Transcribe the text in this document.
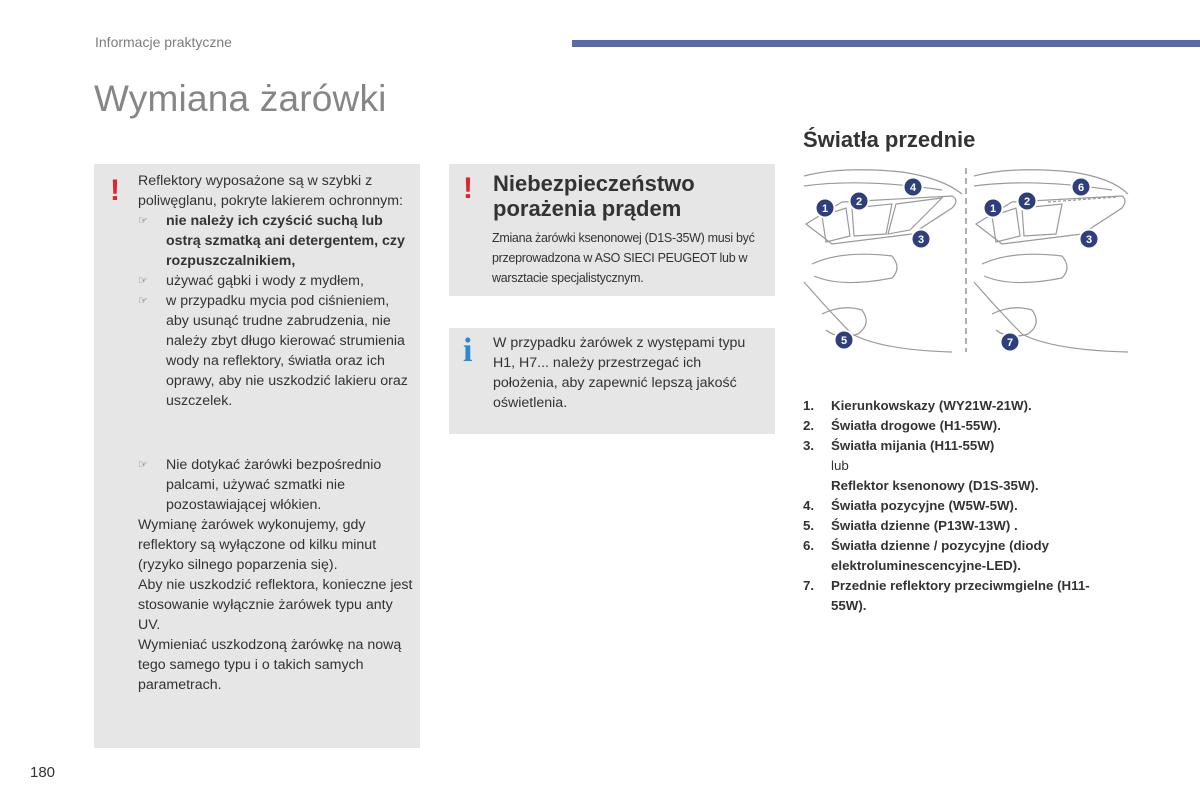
Informacje praktyczne
Wymiana żarówki
! Reflektory wyposażone są w szybki z poliwęglanu, pokryte lakierem ochronnym:

☞ nie należy ich czyścić suchą lub ostrą szmatką ani detergentem, czy rozpuszczalnikiem,
☞ używać gąbki i wody z mydłem,
☞ w przypadku mycia pod ciśnieniem, aby usunąć trudne zabrudzenia, nie należy zbyt długo kierować strumienia wody na reflektory, światła oraz ich oprawy, aby nie uszkodzić lakieru oraz uszczelek.
☞ Nie dotykać żarówki bezpośrednio palcami, używać szmatki nie pozostawiającej włókien.

Wymianę żarówek wykonujemy, gdy reflektory są wyłączone od kilku minut (ryzyko silnego poparzenia się).

Aby nie uszkodzić reflektora, konieczne jest stosowanie wyłącznie żarówek typu anty UV.

Wymieniać uszkodzoną żarówkę na nową tego samego typu i o takich samych parametrach.

! Niebezpieczeństwo
porażenia prądem
Zmiana żarówki ksenonowej (D1S-35W) musi być przeprowadzona w ASO SIECI PEUGEOT lub w warsztacie specjalistycznym.
i W przypadku żarówek z występami typu H1, H7... należy przestrzegać ich położenia, aby zapewnić lepszą jakość oświetlenia.
Światła przednie
1
2
4
3
5
1
2
6
3
7
1.	Kierunkowskazy (WY21W-21W).
2.	Światła drogowe (H1-55W).
3.	Światła mijania (H11-55W)
lub
Reflektor ksenonowy (D1S-35W).
4.	Światła pozycyjne (W5W-5W).
5.	Światła dzienne (P13W-13W) .
6.	Światła dzienne / pozycyjne (diody elektroluminescencyjne-LED).
7.	Przednie reflektory przeciwmgielne (H11-55W).
180
